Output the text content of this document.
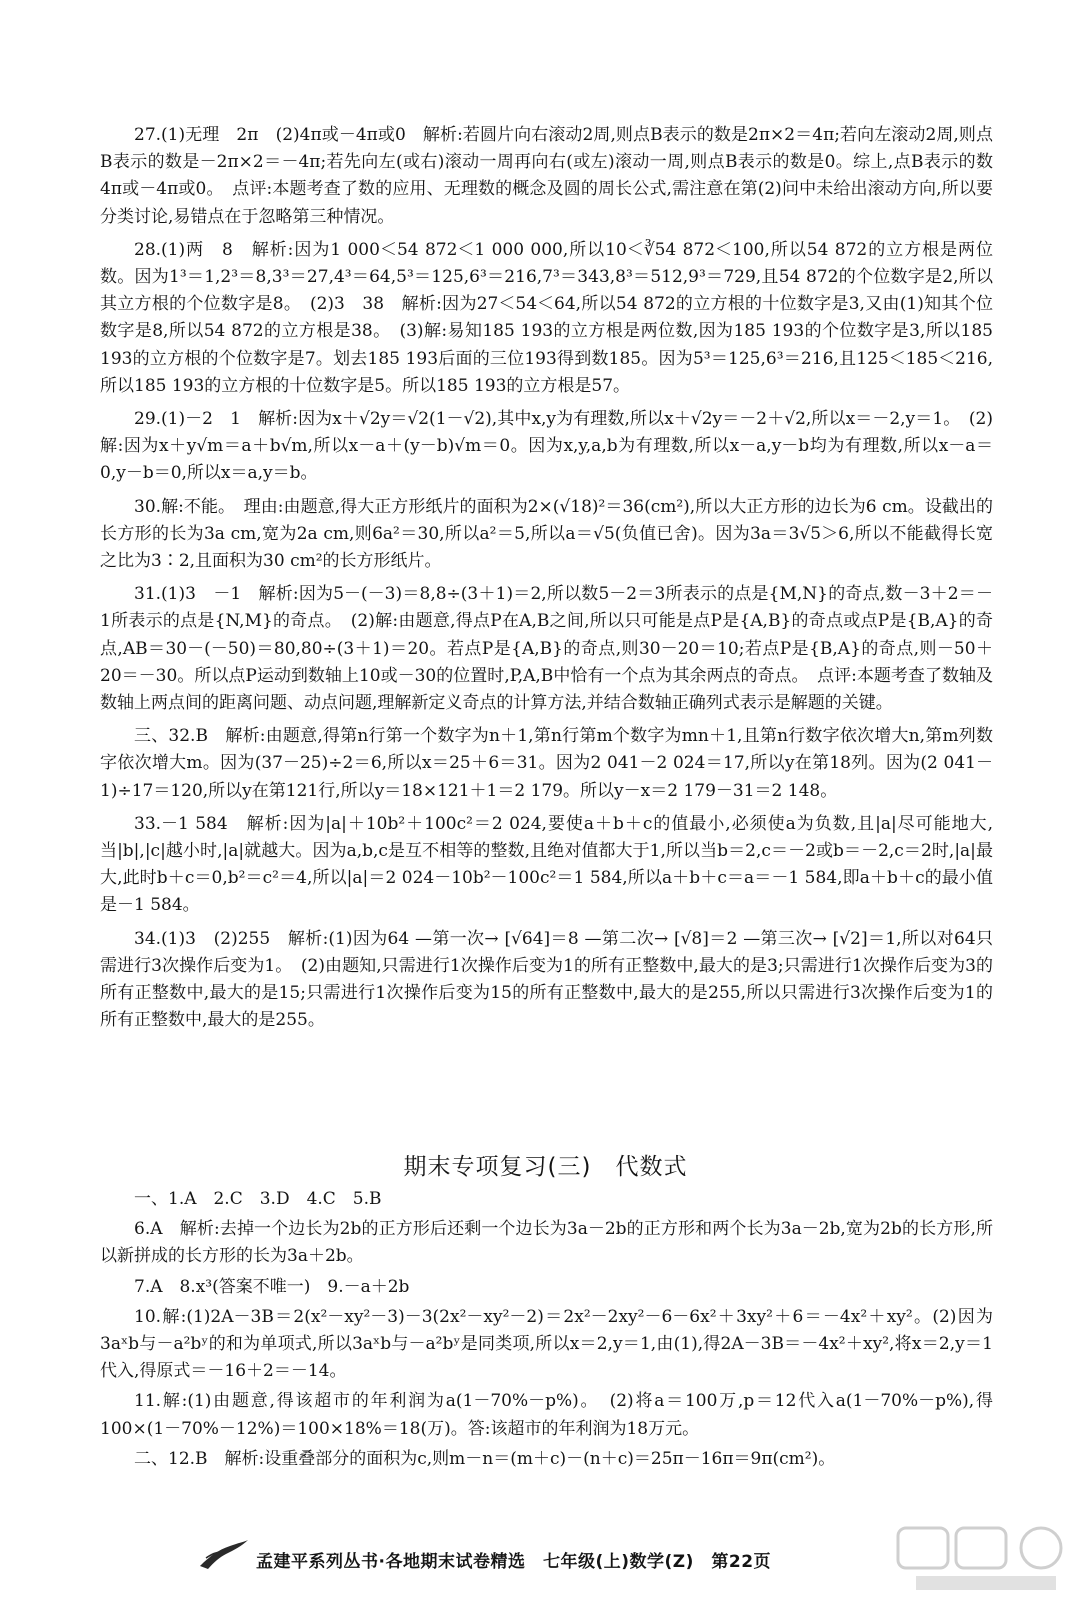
27.(1)无理　2π　(2)4π或－4π或0　解析:若圆片向右滚动2周,则点B表示的数是2π×2＝4π;若向左滚动2周,则点B表示的数是－2π×2＝－4π;若先向左(或右)滚动一周再向右(或左)滚动一周,则点B表示的数是0。综上,点B表示的数4π或－4π或0。　点评:本题考查了数的应用、无理数的概念及圆的周长公式,需注意在第(2)问中未给出滚动方向,所以要分类讨论,易错点在于忽略第三种情况。

28.(1)两　8　解析:因为1 000＜54 872＜1 000 000,所以10＜∛54 872＜100,所以54 872的立方根是两位数。因为1³＝1,2³＝8,3³＝27,4³＝64,5³＝125,6³＝216,7³＝343,8³＝512,9³＝729,且54 872的个位数字是2,所以其立方根的个位数字是8。　(2)3　38　解析:因为27＜54＜64,所以54 872的立方根的十位数字是3,又由(1)知其个位数字是8,所以54 872的立方根是38。　(3)解:易知185 193的立方根是两位数,因为185 193的个位数字是3,所以185 193的立方根的个位数字是7。划去185 193后面的三位193得到数185。因为5³＝125,6³＝216,且125＜185＜216,所以185 193的立方根的十位数字是5。所以185 193的立方根是57。

29.(1)－2　1　解析:因为x＋√2y＝√2(1－√2),其中x,y为有理数,所以x＋√2y＝－2＋√2,所以x＝－2,y＝1。　(2)解:因为x＋y√m＝a＋b√m,所以x－a＋(y－b)√m＝0。因为x,y,a,b为有理数,所以x－a,y－b均为有理数,所以x－a＝0,y－b＝0,所以x＝a,y＝b。

30.解:不能。　理由:由题意,得大正方形纸片的面积为2×(√18)²＝36(cm²),所以大正方形的边长为6 cm。设截出的长方形的长为3a cm,宽为2a cm,则6a²＝30,所以a²＝5,所以a＝√5(负值已舍)。因为3a＝3√5＞6,所以不能截得长宽之比为3∶2,且面积为30 cm²的长方形纸片。

31.(1)3　－1　解析:因为5－(－3)＝8,8÷(3＋1)＝2,所以数5－2＝3所表示的点是{M,N}的奇点,数－3＋2＝－1所表示的点是{N,M}的奇点。　(2)解:由题意,得点P在A,B之间,所以只可能是点P是{A,B}的奇点或点P是{B,A}的奇点,AB＝30－(－50)＝80,80÷(3＋1)＝20。若点P是{A,B}的奇点,则30－20＝10;若点P是{B,A}的奇点,则－50＋20＝－30。所以点P运动到数轴上10或－30的位置时,P,A,B中恰有一个点为其余两点的奇点。　点评:本题考查了数轴及数轴上两点间的距离问题、动点问题,理解新定义奇点的计算方法,并结合数轴正确列式表示是解题的关键。

三、32.B　解析:由题意,得第n行第一个数字为n＋1,第n行第m个数字为mn＋1,且第n行数字依次增大n,第m列数字依次增大m。因为(37－25)÷2＝6,所以x＝25＋6＝31。因为2 041－2 024＝17,所以y在第18列。因为(2 041－1)÷17＝120,所以y在第121行,所以y＝18×121＋1＝2 179。所以y－x＝2 179－31＝2 148。

33.－1 584　解析:因为|a|＋10b²＋100c²＝2 024,要使a＋b＋c的值最小,必须使a为负数,且|a|尽可能地大,当|b|,|c|越小时,|a|就越大。因为a,b,c是互不相等的整数,且绝对值都大于1,所以当b＝2,c＝－2或b＝－2,c＝2时,|a|最大,此时b＋c＝0,b²＝c²＝4,所以|a|＝2 024－10b²－100c²＝1 584,所以a＋b＋c＝a＝－1 584,即a＋b＋c的最小值是－1 584。

34.(1)3　(2)255　解析:(1)因为64 —第一次→ [√64]＝8 —第二次→ [√8]＝2 —第三次→ [√2]＝1,所以对64只需进行3次操作后变为1。　(2)由题知,只需进行1次操作后变为1的所有正整数中,最大的是3;只需进行1次操作后变为3的所有正整数中,最大的是15;只需进行1次操作后变为15的所有正整数中,最大的是255,所以只需进行3次操作后变为1的所有正整数中,最大的是255。

期末专项复习(三)　代数式

一、1.A　2.C　3.D　4.C　5.B

6.A　解析:去掉一个边长为2b的正方形后还剩一个边长为3a－2b的正方形和两个长为3a－2b,宽为2b的长方形,所以新拼成的长方形的长为3a＋2b。

7.A　8.x³(答案不唯一)　9.－a＋2b

10.解:(1)2A－3B＝2(x²－xy²－3)－3(2x²－xy²－2)＝2x²－2xy²－6－6x²＋3xy²＋6＝－4x²＋xy²。(2)因为3aˣb与－a²bʸ的和为单项式,所以3aˣb与－a²bʸ是同类项,所以x＝2,y＝1,由(1),得2A－3B＝－4x²＋xy²,将x＝2,y＝1代入,得原式＝－16＋2＝－14。

11.解:(1)由题意,得该超市的年利润为a(1－70%－p%)。　(2)将a＝100万,p＝12代入a(1－70%－p%),得100×(1－70%－12%)＝100×18%＝18(万)。答:该超市的年利润为18万元。

二、12.B　解析:设重叠部分的面积为c,则m－n＝(m＋c)－(n＋c)＝25π－16π＝9π(cm²)。

孟建平系列丛书·各地期末试卷精选　七年级(上)数学(Z)　第22页
